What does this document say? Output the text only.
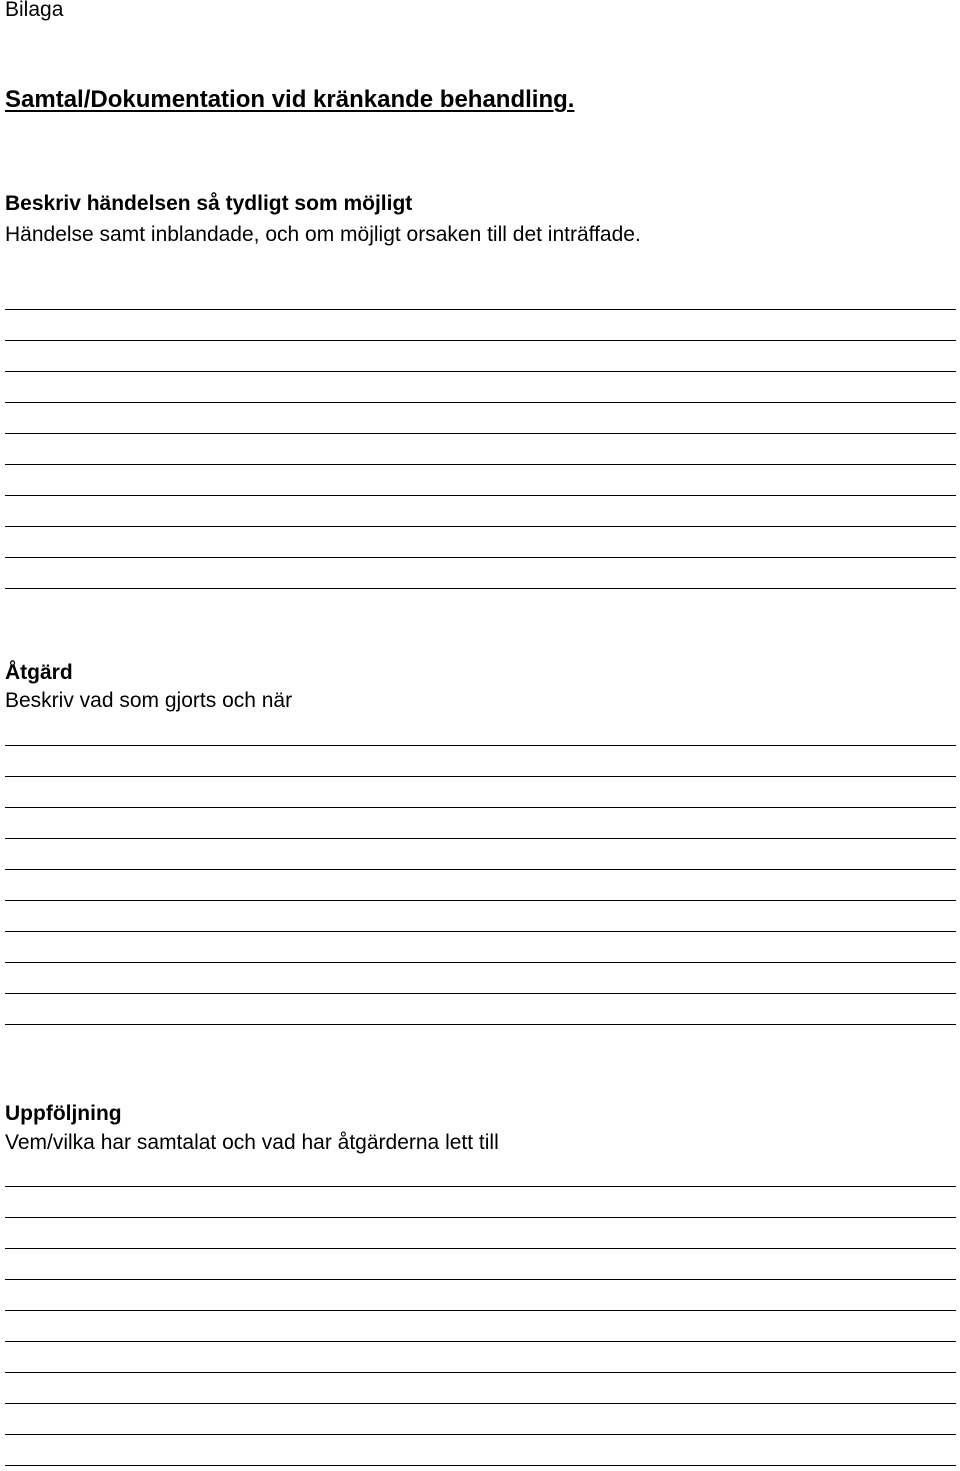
Bilaga
Samtal/Dokumentation vid kränkande behandling.
Beskriv händelsen så tydligt som möjligt
Händelse samt inblandade, och om möjligt orsaken till det inträffade.
Åtgärd
Beskriv vad som gjorts och när
Uppföljning
Vem/vilka har samtalat och vad har åtgärderna lett till
